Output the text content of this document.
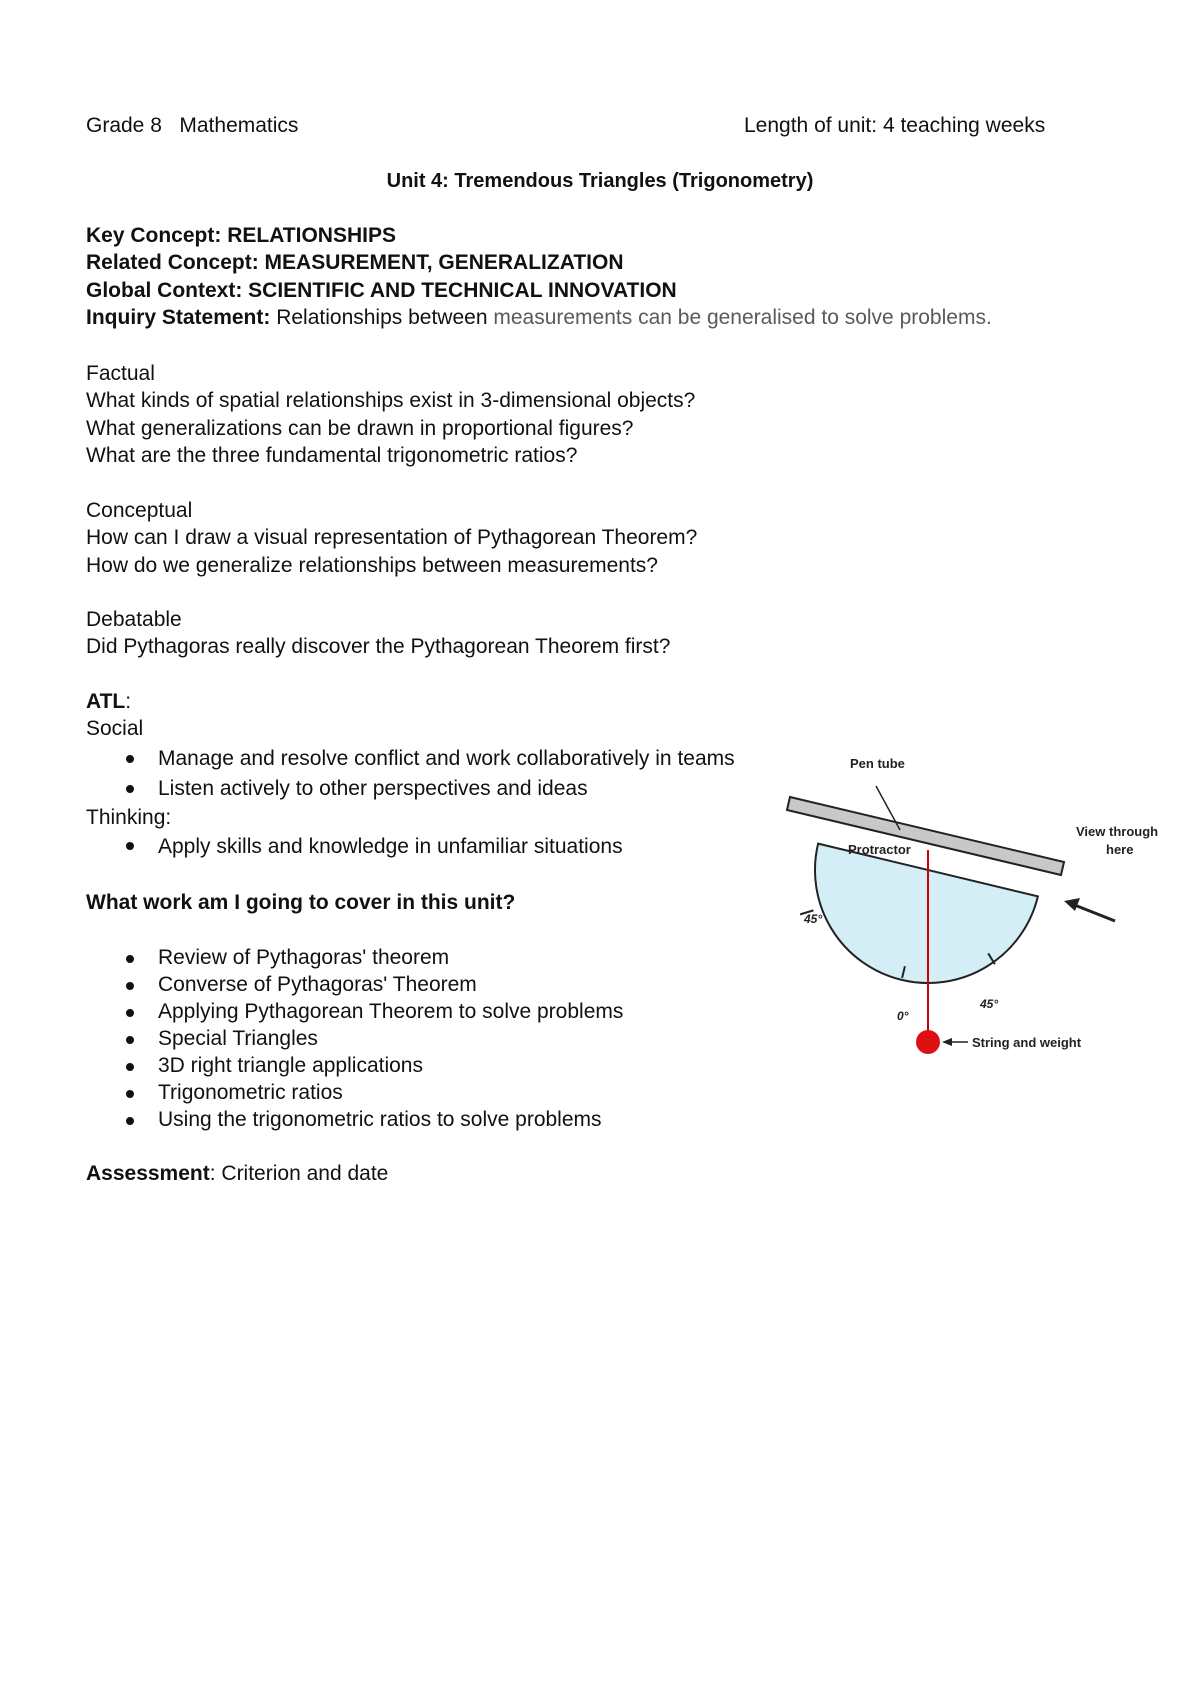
Grade 8   Mathematics	Length of unit: 4 teaching weeks
Unit 4: Tremendous Triangles (Trigonometry)
Key Concept: RELATIONSHIPS
Related Concept: MEASUREMENT, GENERALIZATION
Global Context: SCIENTIFIC AND TECHNICAL INNOVATION
Inquiry Statement: Relationships between measurements can be generalised to solve problems.
Factual
What kinds of spatial relationships exist in 3-dimensional objects?
What generalizations can be drawn in proportional figures?
What are the three fundamental trigonometric ratios?
Conceptual
How can I draw a visual representation of Pythagorean Theorem?
How do we generalize relationships between measurements?
Debatable
Did Pythagoras really discover the Pythagorean Theorem first?
ATL:
Social
Manage and resolve conflict and work collaboratively in teams
Listen actively to other perspectives and ideas
Thinking:
Apply skills and knowledge in unfamiliar situations
What work am I going to cover in this unit?
Review of Pythagoras' theorem
Converse of Pythagoras' Theorem
Applying Pythagorean Theorem to solve problems
Special Triangles
3D right triangle applications
Trigonometric ratios
Using the trigonometric ratios to solve problems
Assessment: Criterion and date
Pen tube
Protractor
View through
here
45°
0°
45°
String and weight
